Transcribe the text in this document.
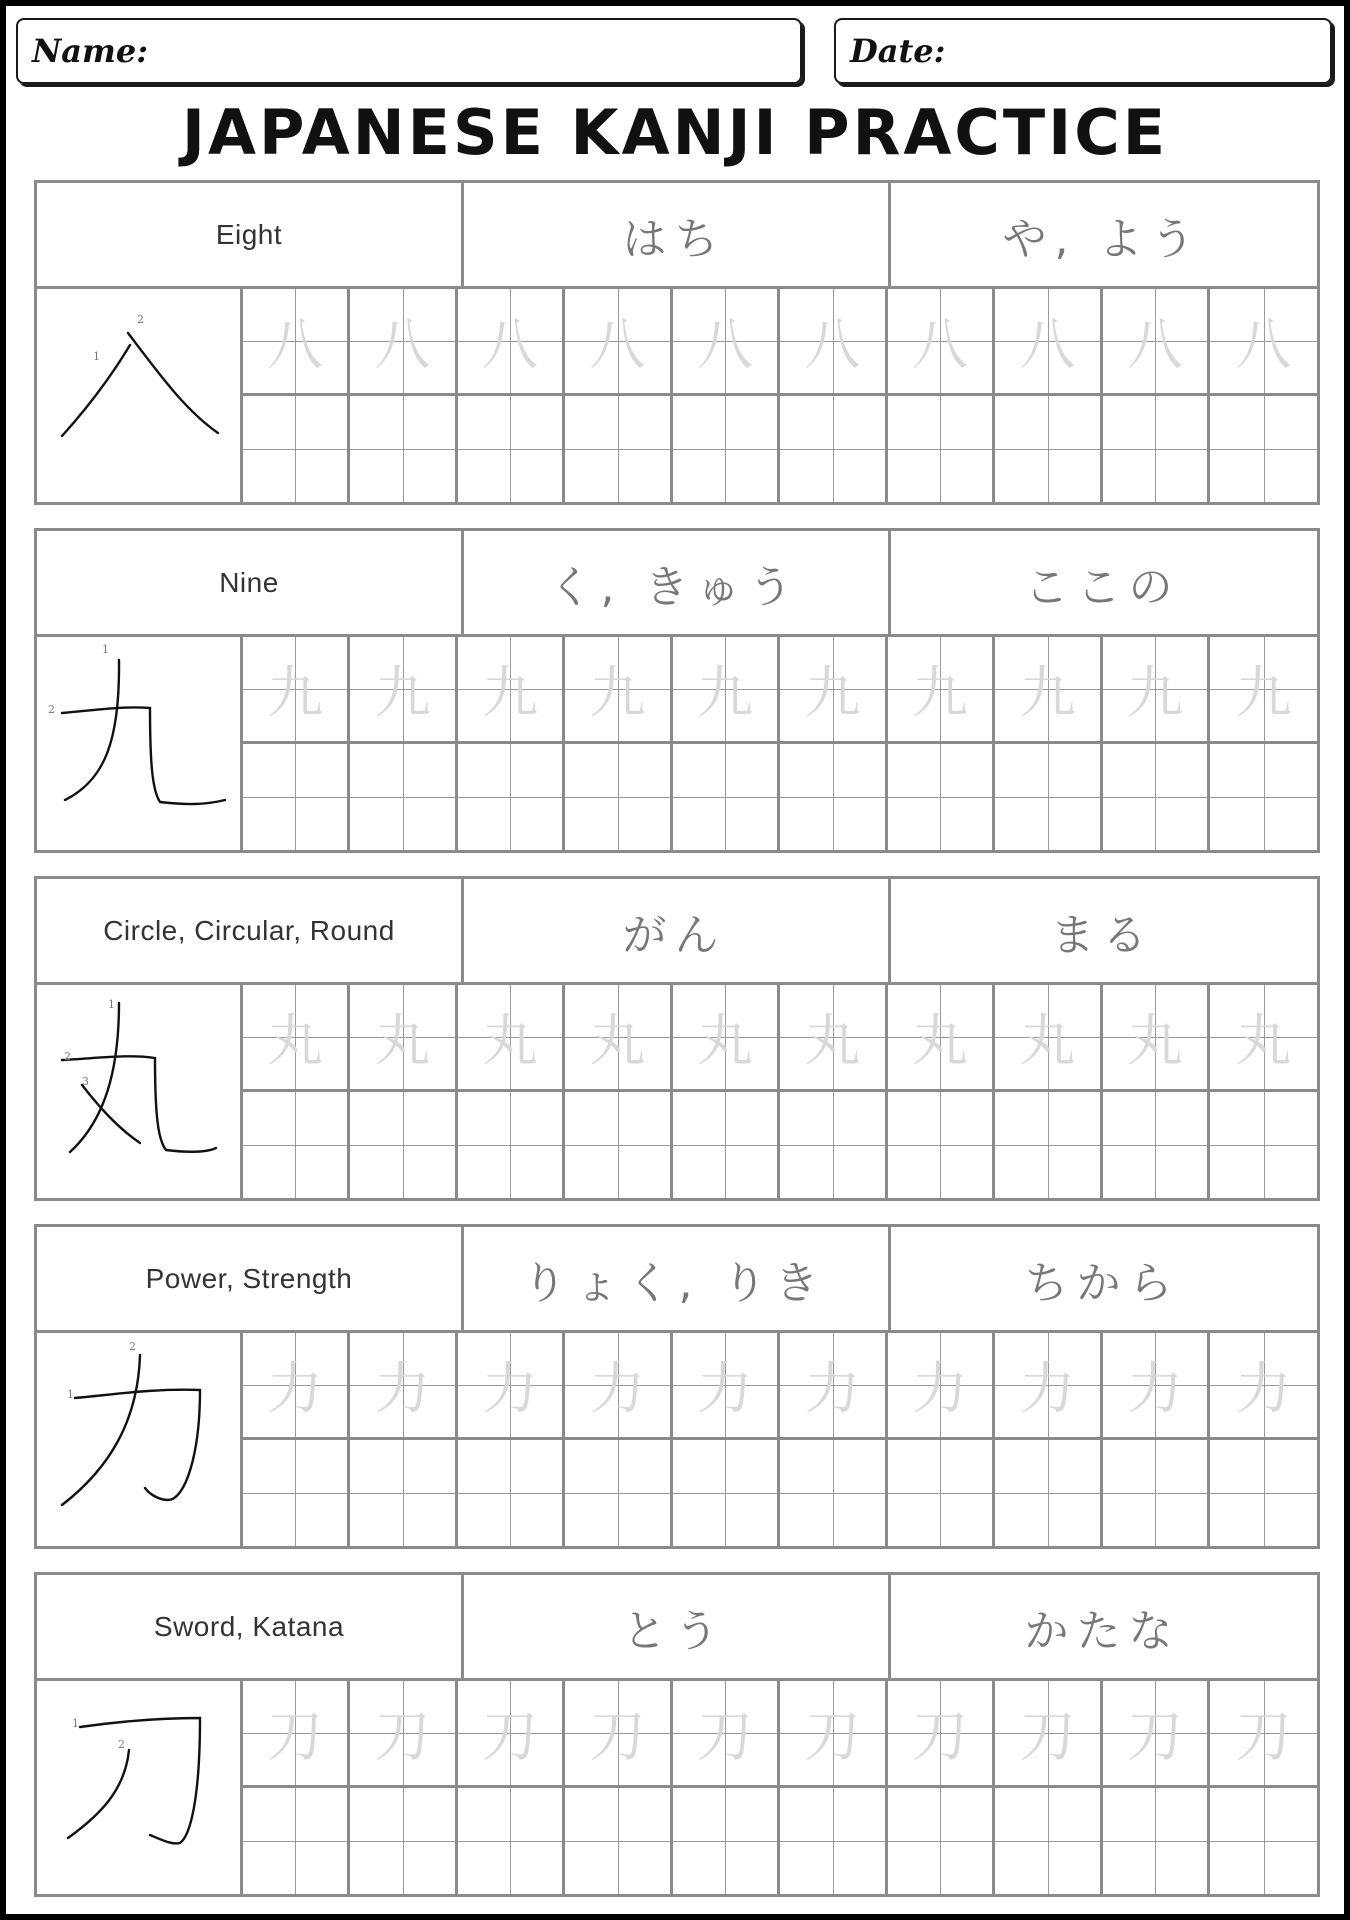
Name:	Date:
JAPANESE KANJI PRACTICE
Eight	はち	や, よう
1
2	八 八 八 八 八 八 八 八 八 八
Nine	く, きゅう	ここの
1
2	九 九 九 九 九 九 九 九 九 九
Circle, Circular, Round	がん	まる
1
2
3
丸 丸 丸 丸 丸 丸 丸 丸 丸 丸
Power, Strength	りょく, りき	ちから
1
2
力 力 力 力 力 力 力 力 力 力
Sword, Katana	とう	かたな
1
2	刀 刀 刀 刀 刀 刀 刀 刀 刀 刀
